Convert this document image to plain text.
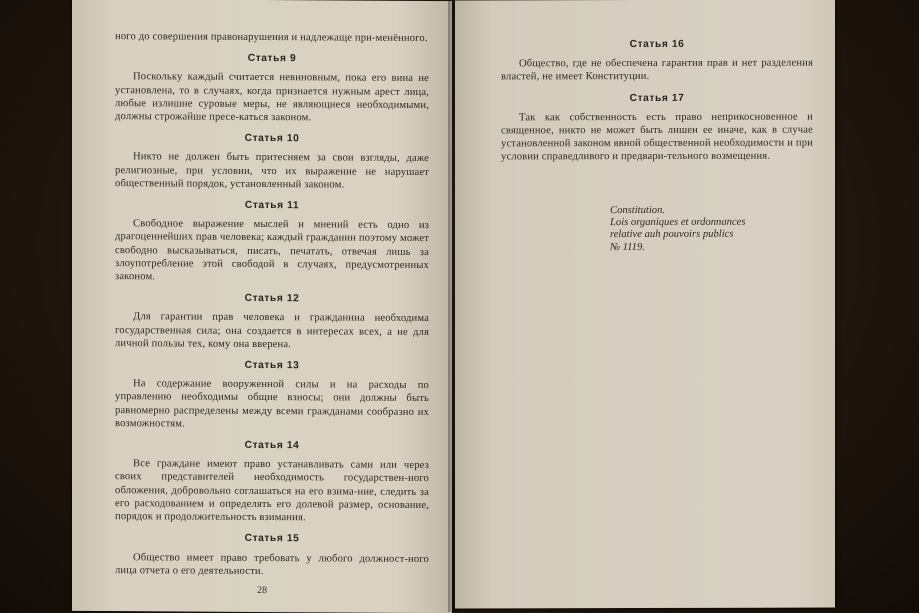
ного до совершения правонарушения и надлежаще при-менённого.

Статья 9

Поскольку каждый считается невиновным, пока его вина не установлена, то в случаях, когда признается нужным арест лица, любые излишне суровые меры, не являющиеся необходимыми, должны строжайше пресе-каться законом.

Статья 10

Никто не должен быть притесняем за свои взгляды, даже религиозные, при условии, что их выражение не нарушает общественный порядок, установленный законом.

Статья 11

Свободное выражение мыслей и мнений есть одно из драгоценнейших прав человека; каждый гражданин поэтому может свободно высказываться, писать, печатать, отвечая лишь за злоупотребление этой свободой в случаях, предусмотренных законом.

Статья 12

Для гарантии прав человека и гражданина необходима государственная сила; она создается в интересах всех, а не для личной пользы тех, кому она вверена.

Статья 13

На содержание вооруженной силы и на расходы по управлению необходимы общие взносы; они должны быть равномерно распределены между всеми гражданами сообразно их возможностям.

Статья 14

Все граждане имеют право устанавливать сами или через своих представителей необходимость государствен-ного обложения, добровольно соглашаться на его взима-ние, следить за его расходованием и определять его долевой размер, основание, порядок и продолжительность взимания.

Статья 15

Общество имеет право требовать у любого должност-ного лица отчета о его деятельности.

28
Статья 16

Общество, где не обеспечена гарантия прав и нет разделения властей, не имеет Конституции.

Статья 17

Так как собственность есть право неприкосновенное и священное, никто не может быть лишен ее иначе, как в случае установленной законом явной общественной необходимости и при условии справедливого и предвари-тельного возмещения.

Constitution.
Lois organiques et ordonnances
relative auh pouvoirs publics
№ 1119.
